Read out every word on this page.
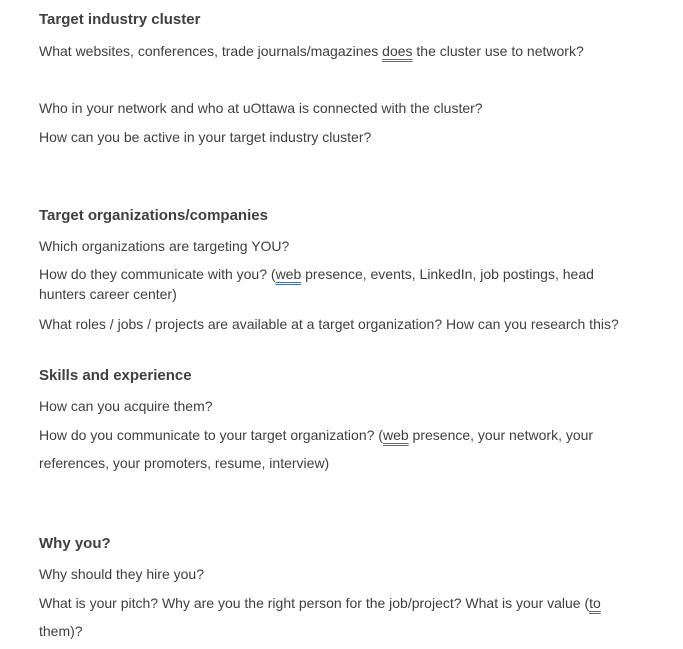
Target industry cluster
What websites, conferences, trade journals/magazines does the cluster use to network?
Who in your network and who at uOttawa is connected with the cluster?
How can you be active in your target industry cluster?
Target organizations/companies
Which organizations are targeting YOU?
How do they communicate with you? (web presence, events, LinkedIn, job postings, head hunters career center)
What roles / jobs / projects are available at a target organization? How can you research this?
Skills and experience
How can you acquire them?
How do you communicate to your target organization? (web presence, your network, your references, your promoters, resume, interview)
Why you?
Why should they hire you?
What is your pitch? Why are you the right person for the job/project? What is your value (to them)?
